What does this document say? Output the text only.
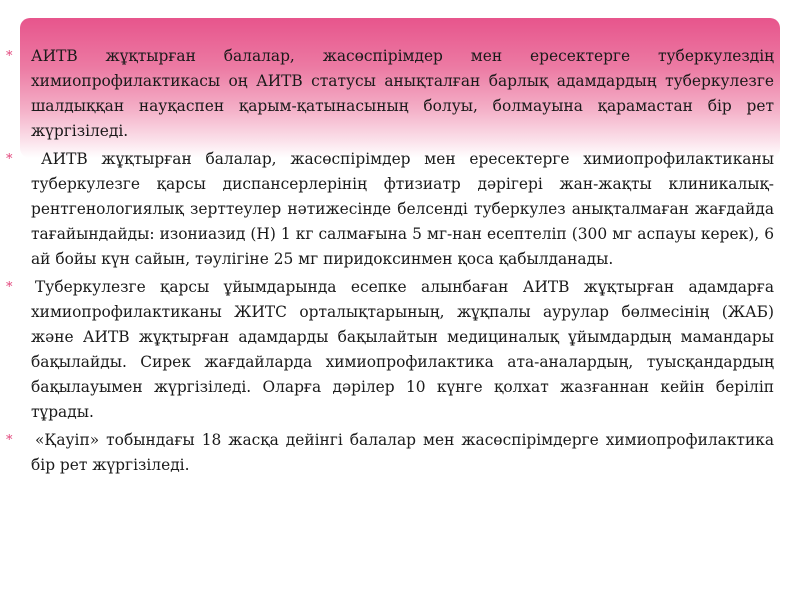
* АИТВ жұқтырған балалар, жасөспірімдер мен ересектерге туберкулездің химиопрофилактикасы оң АИТВ статусы анықталған барлық адамдардың туберкулезге шалдыққан науқаспен қарым-қатынасының болуы, болмауына қарамастан бір рет жүргізіледі.
*	АИТВ жұқтырған балалар, жасөспірімдер мен ересектерге химиопрофилактиканы туберкулезге қарсы диспансерлерінің фтизиатр дәрігері жан-жақты клиникалық-рентгенологиялық зерттеулер нәтижесінде белсенді туберкулез анықталмаған жағдайда тағайындайды: изониазид (Н) 1 кг салмағына 5 мг-нан есептеліп (300 мг аспауы керек), 6 ай бойы күн сайын, тәулігіне 25 мг пиридоксинмен қоса қабылданады.
* Туберкулезге қарсы ұйымдарында есепке алынбаған АИТВ жұқтырған адамдарға химиопрофилактиканы ЖИТС орталықтарының, жұқпалы аурулар бөлмесінің (ЖАБ) және АИТВ жұқтырған адамдарды бақылайтын медициналық ұйымдардың мамандары бақылайды. Сирек жағдайларда химиопрофилактика ата-аналардың, туысқандардың бақылауымен жүргізіледі. Оларға дәрілер 10 күнге қолхат жазғаннан кейін беріліп тұрады.
* «Қауіп» тобындағы 18 жасқа дейінгі балалар мен жасөспірімдерге химиопрофилактика бір рет жүргізіледі.
